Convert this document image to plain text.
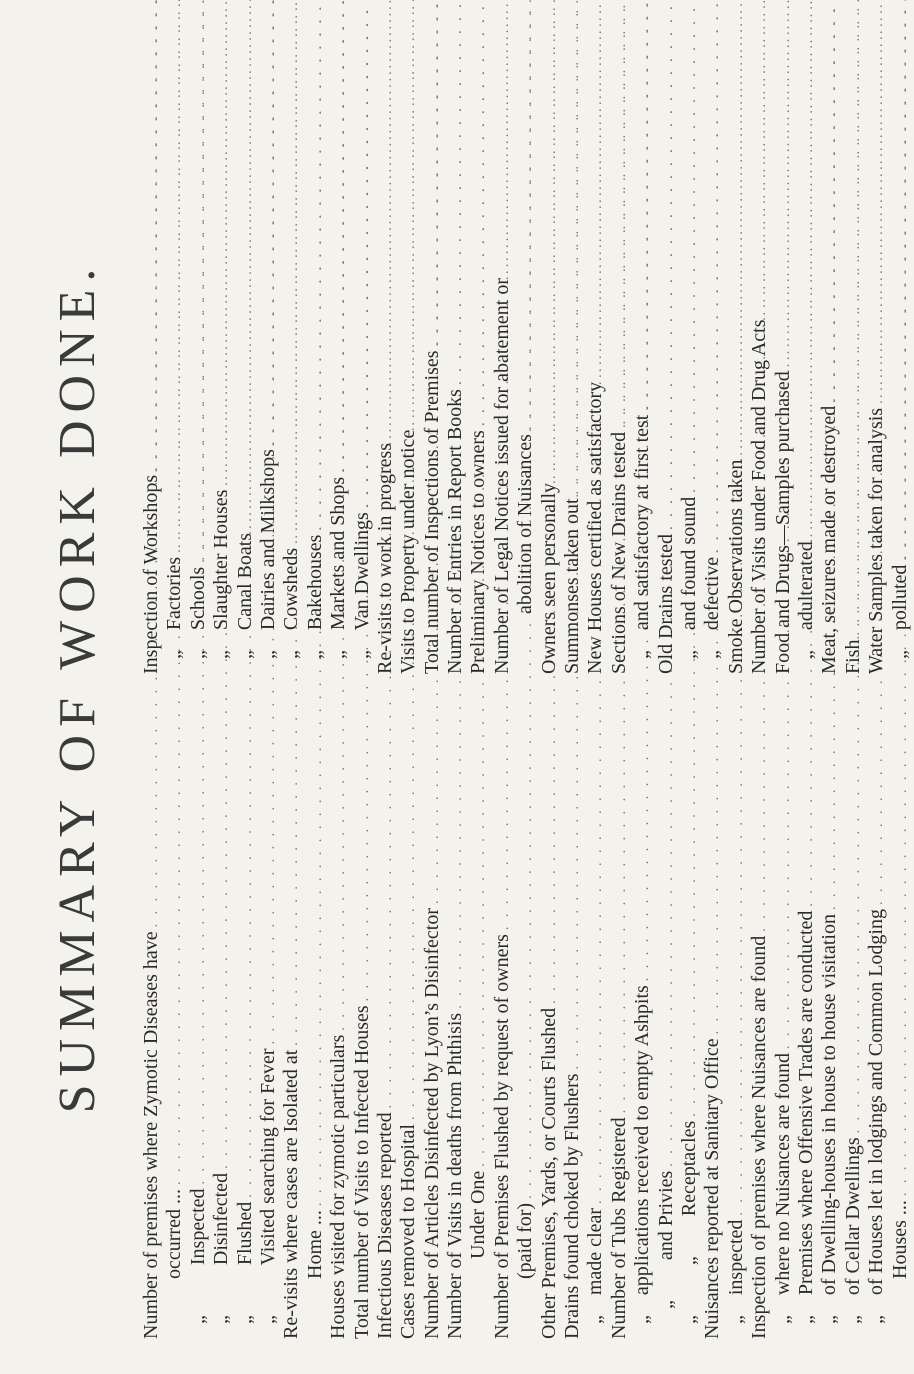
SUMMARY OF WORK DONE.
Number of premises where Zymotic Diseases have
. . . occurred ...
. . . „          Inspected
. . . „          Disinfected
. . . „          Flushed . . . „          Visited searching for Fever
. . . Re-visits where cases are Isolated at
. . . Home ... . . . Houses visited for zymotic particulars
. . . Total number of Visits to Infected Houses
. . . Infectious Diseases reported
. . . Cases removed to Hospital
. . . Number of Articles Disinfected by Lyon’s Disinfector
. . . Number of Visits in deaths from Phthisis
. . . Under One . . . Number of Premises Flushed by request of owners
. . . (paid for) . . . Other Premises, Yards, or Courts Flushed
. . . Drains found choked by Flushers
. . . „    made clear
. . . Number of Tubs Registered
. . . „    applications received to empty Ashpits
. . . „        and Privies
. . . „          „        Receptacles
. . . Nuisances reported at Sanitary Office
. . . „    inspected . . . Inspection of premises where Nuisances are found
. . . „    where no Nuisances are found
. . . „    Premises where Offensive Trades are conducted
. . . „    of Dwelling-houses in house to house visitation
. . . „    of Cellar Dwellings . . . „    of Houses let in lodgings and Common Lodging
. . . Houses ...
. . .
Inspection of Workshops
. . . „    Factories
. . . „    Schools
. . . „    Slaughter Houses
. . . „    Canal Boats
. . . „    Dairies and Milkshops
. . . „    Cowsheds
. . . „    Bakehouses
. . . „    Markets and Shops
. . . „    Van Dwellings
. . . Re-visits to work in progress
. . . Visits to Property under notice
. . . Total number of Inspections of Premises
. . . Number of Entries in Report Books
. . . Preliminary Notices to owners
. . . Number of Legal Notices issued for abatement or
. . . abolition of Nuisances
. . . Owners seen personally
. . . Summonses taken out
. . . New Houses certified as satisfactory
. . . Sections of New Drains tested
. . . „    and satisfactory at first test
. . . Old Drains tested
. . . „    and found sound
. . . „    defective
. . . Smoke Observations taken
. . . Number of Visits under Food and Drug Acts
. . . Food and Drugs—Samples purchased
. . . „    adulterated
. . . Meat, seizures made or destroyed
. . . Fish . . . Water Samples taken for analysis
. . . „    polluted
. . .
